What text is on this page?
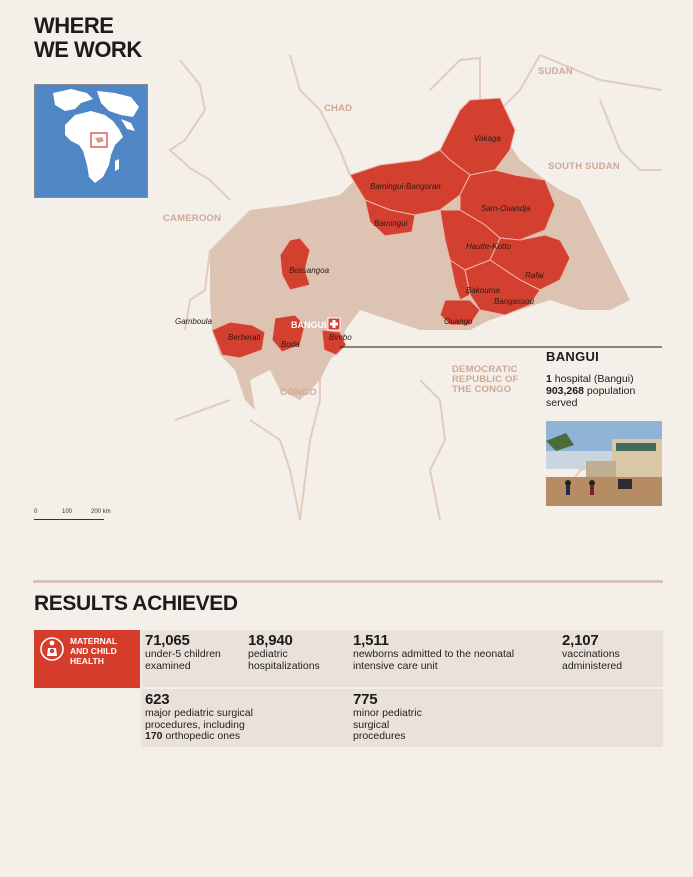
WHERE
WE WORK
CHAD
SUDAN
SOUTH SUDAN
CAMEROON
CONGO
DEMOCRATIC
REPUBLIC OF
THE CONGO
Vakaga
Bamingui-Bangoran
Sam-Ouandja
Bamingui
Bossangoa
Hautte-Kotto
Rafai
Bakouma
Bangassou
Gamboula
Berberati
Boda
Ouango
Bimbo
BANGUI
0	100	200 km
BANGUI
1 hospital (Bangui)
903,268 population
served
RESULTS ACHIEVED
MATERNAL
AND CHILD
HEALTH
71,065
under-5 children
examined
18,940
pediatric
hospitalizations
1,511
newborns admitted to the neonatal
intensive care unit
2,107
vaccinations
administered
623
major pediatric surgical
procedures, including
170 orthopedic ones
775
minor pediatric
surgical
procedures
